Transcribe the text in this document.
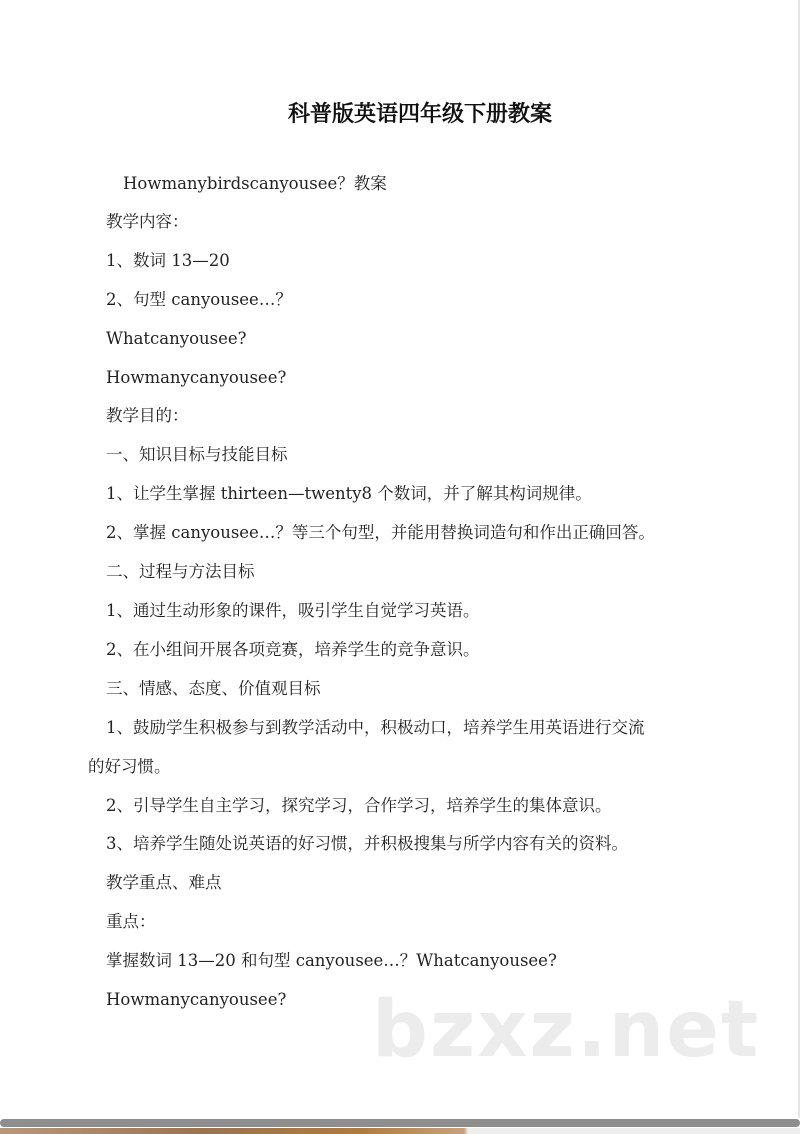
科普版英语四年级下册教案
Howmanybirdscanyousee？教案
教学内容：
1、数词 13—20
2、句型 canyousee…？
Whatcanyousee?
Howmanycanyousee?
教学目的：
一、知识目标与技能目标
1、让学生掌握 thirteen—twenty8 个数词，并了解其构词规律。
2、掌握 canyousee…？等三个句型，并能用替换词造句和作出正确回答。
二、过程与方法目标
1、通过生动形象的课件，吸引学生自觉学习英语。
2、在小组间开展各项竞赛，培养学生的竞争意识。
三、情感、态度、价值观目标
1、鼓励学生积极参与到教学活动中，积极动口，培养学生用英语进行交流
的好习惯。
2、引导学生自主学习，探究学习，合作学习，培养学生的集体意识。
3、培养学生随处说英语的好习惯，并积极搜集与所学内容有关的资料。
教学重点、难点
重点：
掌握数词 13—20 和句型 canyousee…？Whatcanyousee?
Howmanycanyousee? bzxz.net
